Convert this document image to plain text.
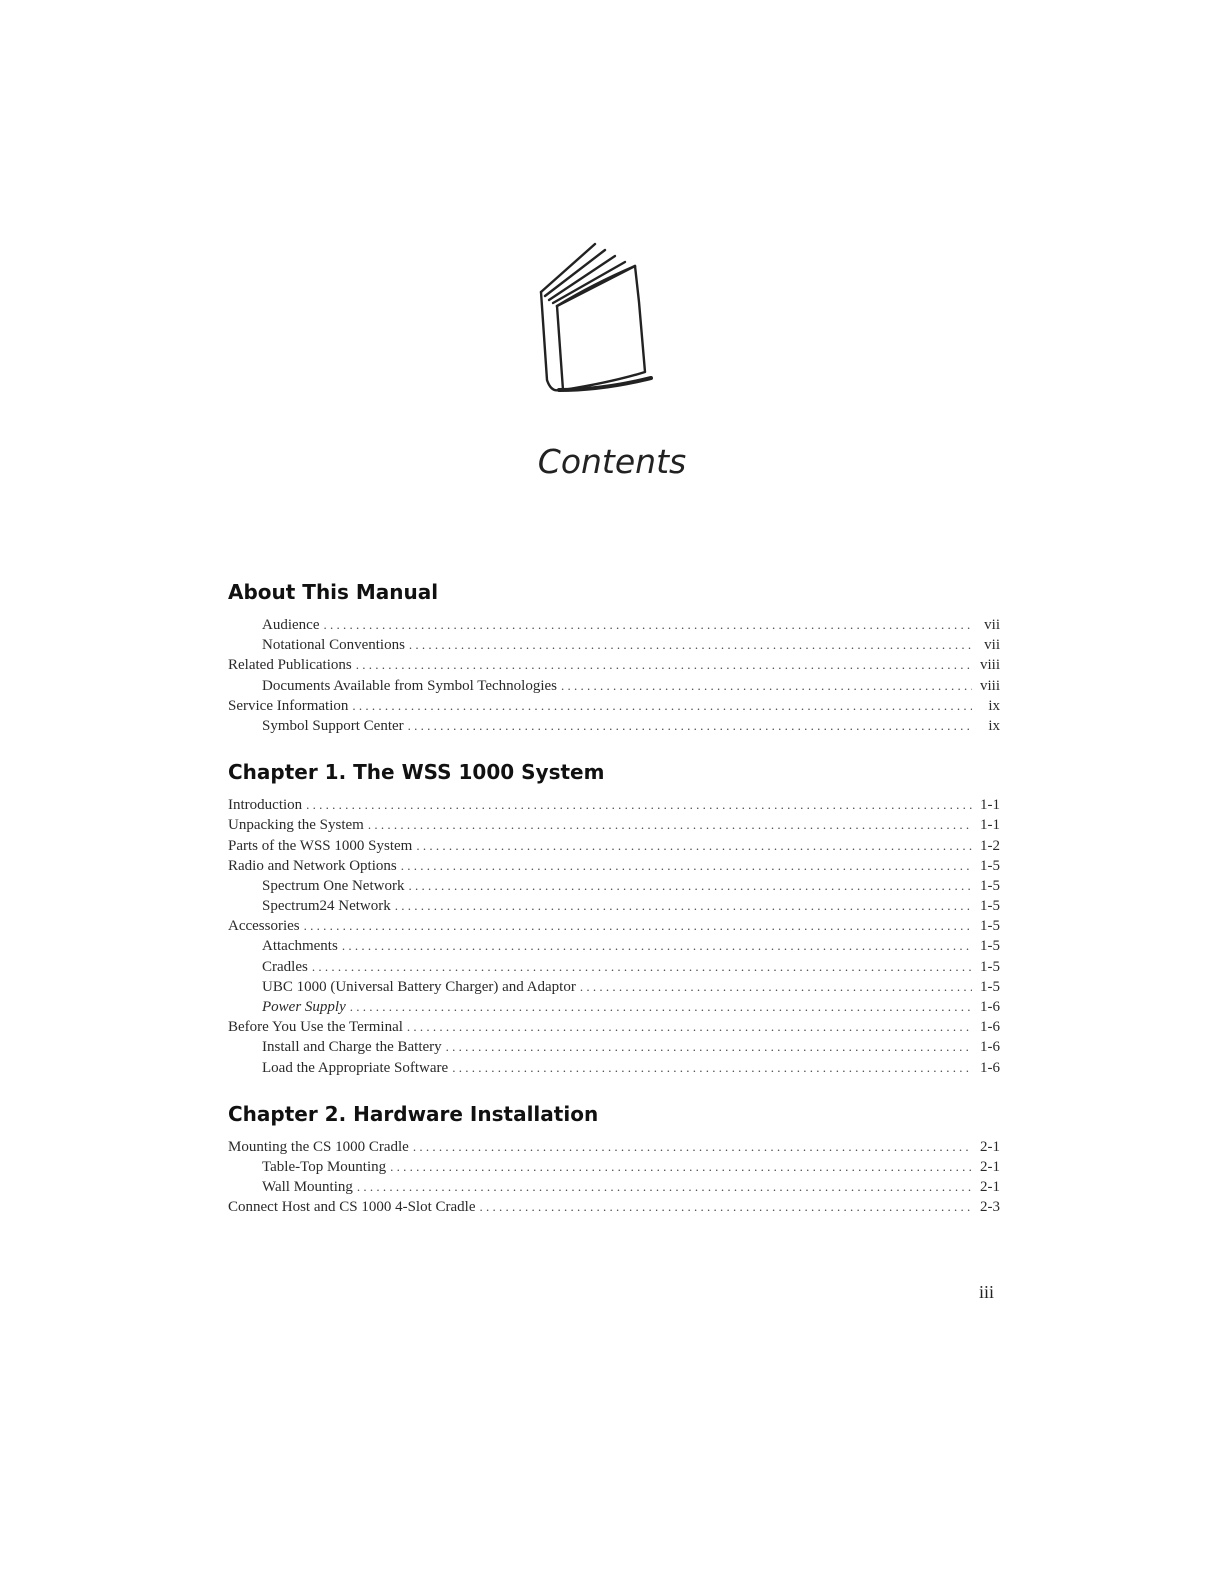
Contents
About This Manual
Audience . . .	vii
Notational Conventions . . .	vii
Related Publications . . .	viii
Documents Available from Symbol Technologies . . .	viii
Service Information . . .	ix
Symbol Support Center . . .	ix
Chapter 1. The WSS 1000 System
Introduction . . .	1-1
Unpacking the System . . .	1-1
Parts of the WSS 1000 System . . .	1-2
Radio and Network Options . . .	1-5
Spectrum One Network . . .	1-5
Spectrum24 Network . . .	1-5
Accessories . . .	1-5
Attachments . . .	1-5
Cradles . . .	1-5
UBC 1000 (Universal Battery Charger) and Adaptor . . .	1-5
Power Supply . . .	1-6
Before You Use the Terminal . . .	1-6
Install and Charge the Battery . . .	1-6
Load the Appropriate Software . . .	1-6
Chapter 2. Hardware Installation
Mounting the CS 1000 Cradle . . .	2-1
Table-Top Mounting . . .	2-1
Wall Mounting . . .	2-1
Connect Host and CS 1000 4-Slot Cradle . . .	2-3
iii
